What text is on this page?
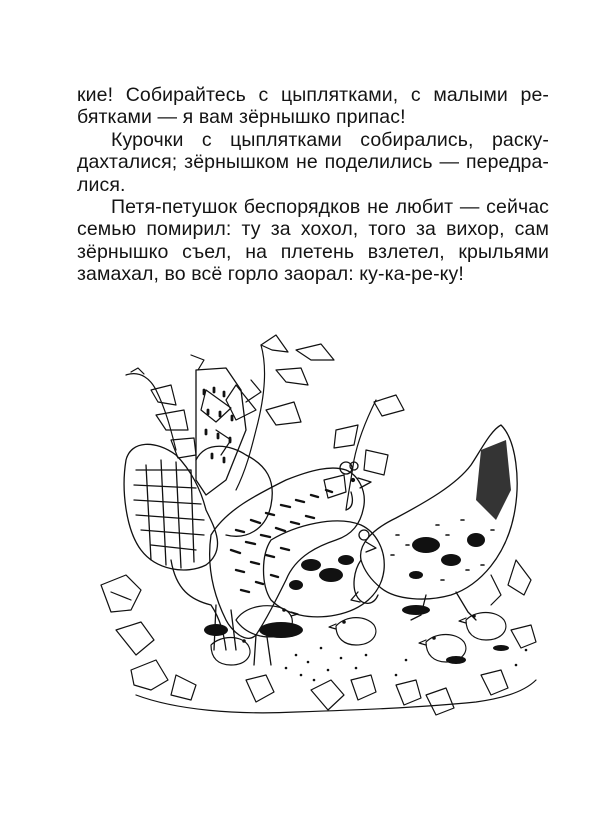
кие! Собирайтесь с цыплятками, с малыми ре-
бятками — я вам зёрнышко припас!
Курочки с цыплятками собирались, раску-
дахталися; зёрнышком не поделились — передра-
лися.
Петя-петушок беспорядков не любит — сейчас
семью помирил: ту за хохол, того за вихор, сам
зёрнышко съел, на плетень взлетел, крыльями
замахал, во всё горло заорал: ку-ка-ре-ку!
